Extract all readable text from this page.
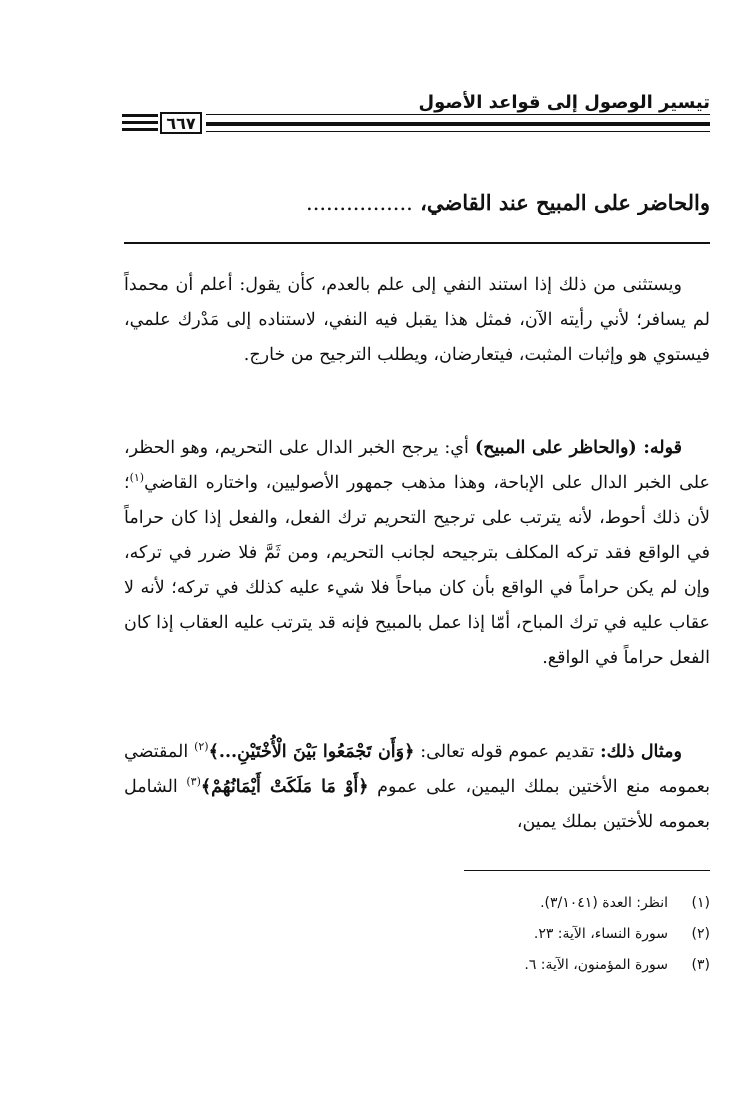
تيسير الوصول إلى قواعد الأصول
٦٦٧
والحاضر على المبيح عند القاضي، ................
ويستثنى من ذلك إذا استند النفي إلى علم بالعدم، كأن يقول: أعلم أن محمداً لم يسافر؛ لأني رأيته الآن، فمثل هذا يقبل فيه النفي، لاستناده إلى مَدْرك علمي، فيستوي هو وإثبات المثبت، فيتعارضان، ويطلب الترجيح من خارج.
قوله: (والحاظر على المبيح) أي: يرجح الخبر الدال على التحريم، وهو الحظر، على الخبر الدال على الإباحة، وهذا مذهب جمهور الأصوليين، واختاره القاضي$^{(١)}$؛ لأن ذلك أحوط، لأنه يترتب على ترجيح التحريم ترك الفعل، والفعل إذا كان حراماً في الواقع فقد تركه المكلف بترجيحه لجانب التحريم، ومن ثَمَّ فلا ضرر في تركه، وإن لم يكن حراماً في الواقع بأن كان مباحاً فلا شيء عليه كذلك في تركه؛ لأنه لا عقاب عليه في ترك المباح، أمّا إذا عمل بالمبيح فإنه قد يترتب عليه العقاب إذا كان الفعل حراماً في الواقع.
ومثال ذلك: تقديم عموم قوله تعالى: ﴿وَأَن تَجْمَعُوا بَيْنَ الْأُخْتَيْنِ...﴾$^{(٢)}$ المقتضي بعمومه منع الأختين بملك اليمين، على عموم ﴿أَوْ مَا مَلَكَتْ أَيْمَانُهُمْ﴾$^{(٣)}$ الشامل بعمومه للأختين بملك يمين،
(١)انظر: العدة (٣/١٠٤١).
(٢)سورة النساء، الآية: ٢٣.
(٣)سورة المؤمنون، الآية: ٦.
